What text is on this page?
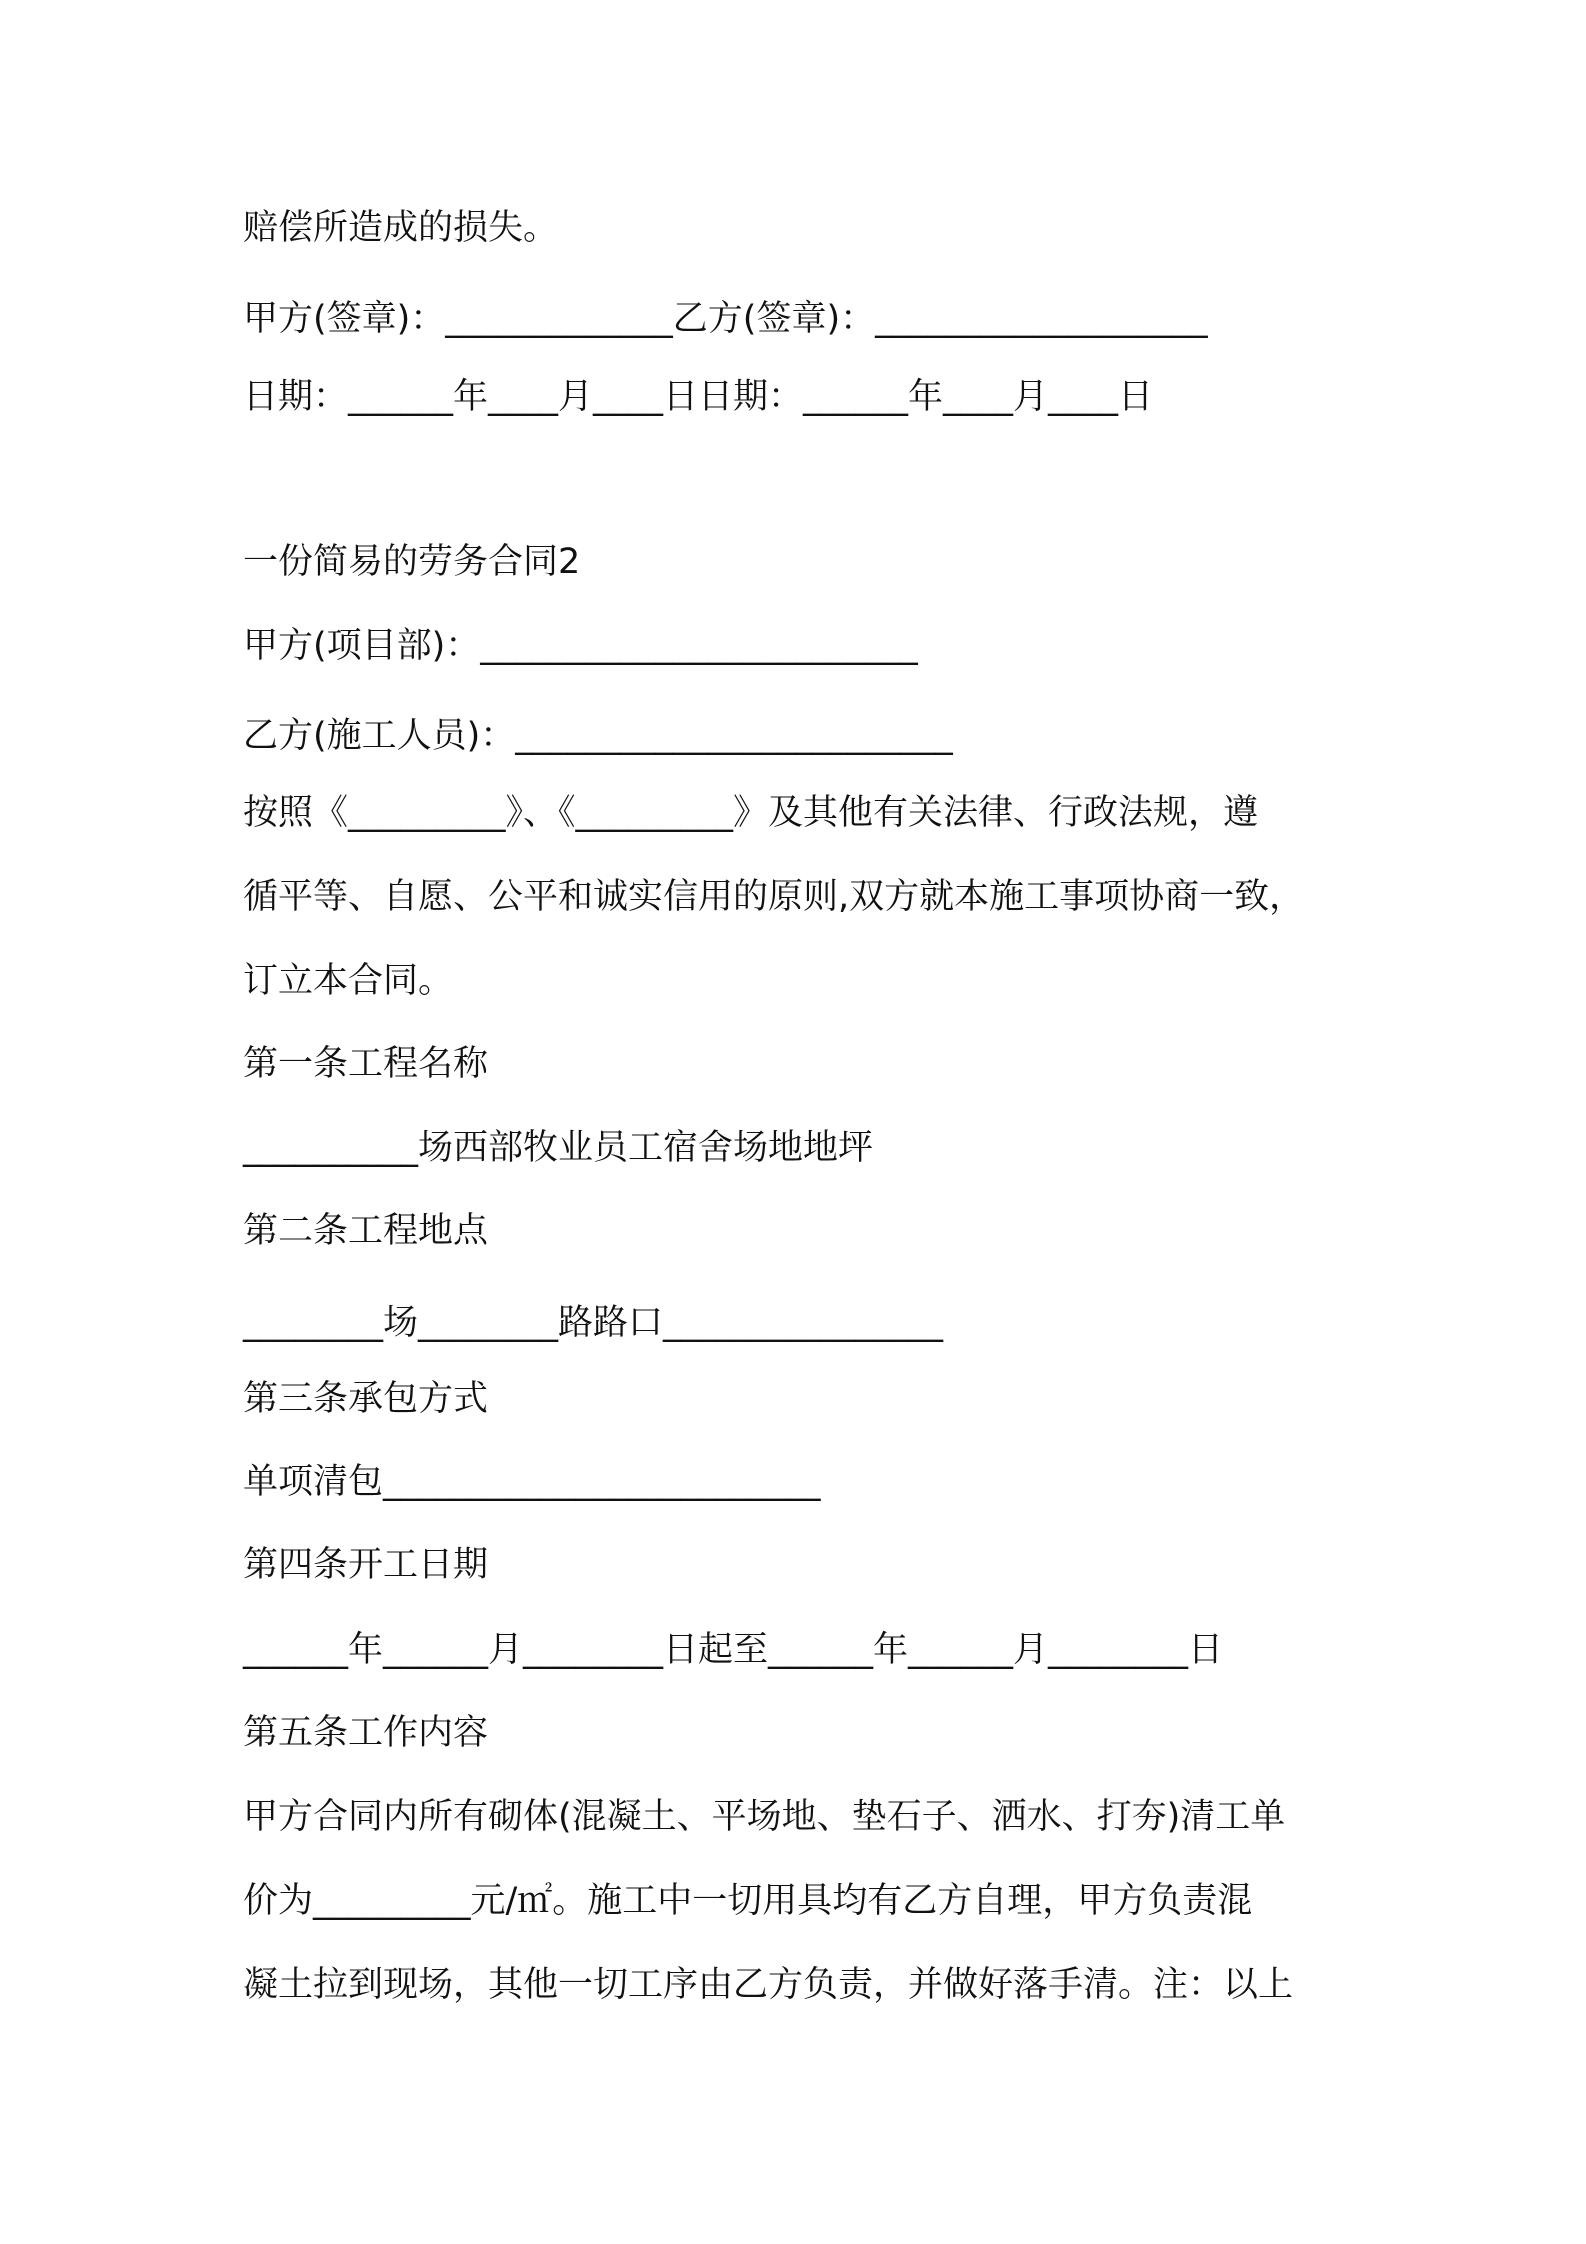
赔偿所造成的损失。
甲方(签章)：_____________乙方(签章)：___________________
日期：______年____月____日日期：______年____月____日
一份简易的劳务合同2
甲方(项目部)：_________________________
乙方(施工人员)：_________________________
按照《_________》、《_________》及其他有关法律、行政法规，遵
循平等、自愿、公平和诚实信用的原则,双方就本施工事项协商一致，
订立本合同。
第一条工程名称
__________场西部牧业员工宿舍场地地坪
第二条工程地点
________场________路路口________________
第三条承包方式
单项清包_________________________
第四条开工日期
______年______月________日起至______年______月________日
第五条工作内容
甲方合同内所有砌体(混凝土、平场地、垫石子、洒水、打夯)清工单
价为_________元/㎡。施工中一切用具均有乙方自理，甲方负责混
凝土拉到现场，其他一切工序由乙方负责，并做好落手清。注：以上
